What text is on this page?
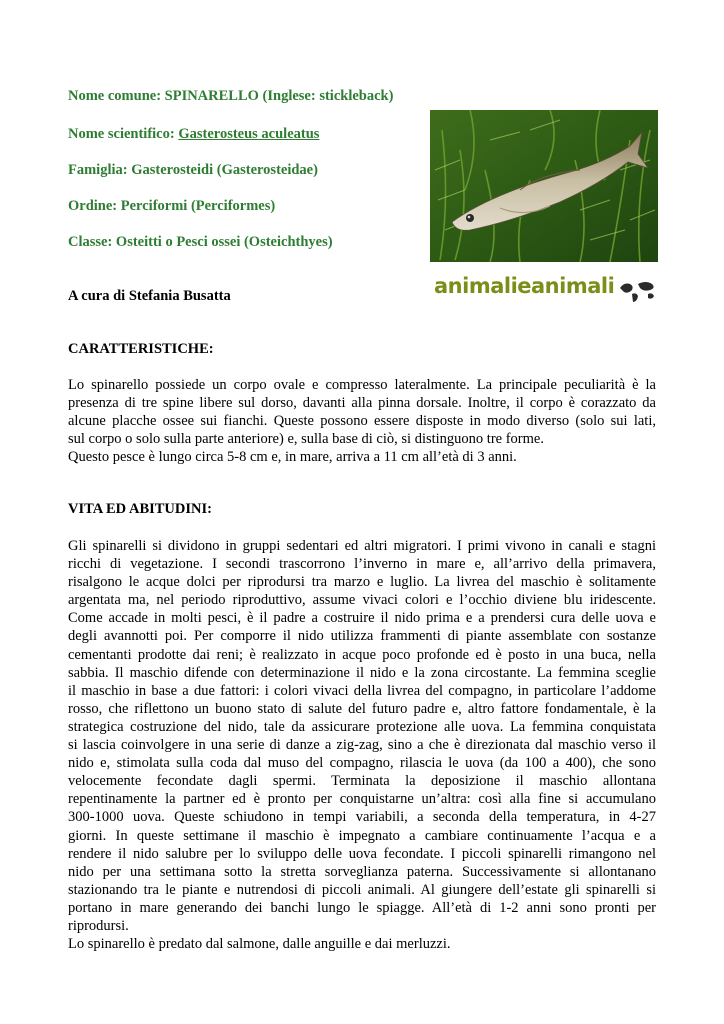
Nome comune: SPINARELLO (Inglese: stickleback)
Nome scientifico: Gasterosteus aculeatus
Famiglia: Gasterosteidi (Gasterosteidae)
Ordine: Perciformi (Perciformes)
Classe: Osteitti o Pesci ossei (Osteichthyes)
A cura di Stefania Busatta	animalieanimali
CARATTERISTICHE:
Lo spinarello possiede un corpo ovale e compresso lateralmente. La principale peculiarità è la
presenza di tre spine libere sul dorso, davanti alla pinna dorsale. Inoltre, il corpo è corazzato da
alcune placche ossee sui fianchi. Queste possono essere disposte in modo diverso (solo sui lati,
sul corpo o solo sulla parte anteriore) e, sulla base di ciò, si distinguono tre forme.
Questo pesce è lungo circa 5-8 cm e, in mare, arriva a 11 cm all’età di 3 anni.
VITA ED ABITUDINI:
Gli spinarelli si dividono in gruppi sedentari ed altri migratori. I primi vivono in canali e stagni
ricchi di vegetazione. I secondi trascorrono l’inverno in mare e, all’arrivo della primavera,
risalgono le acque dolci per riprodursi tra marzo e luglio. La livrea del maschio è solitamente
argentata ma, nel periodo riproduttivo, assume vivaci colori e l’occhio diviene blu iridescente.
Come accade in molti pesci, è il padre a costruire il nido prima e a prendersi cura delle uova e
degli avannotti poi. Per comporre il nido utilizza frammenti di piante assemblate con sostanze
cementanti prodotte dai reni; è realizzato in acque poco profonde ed è posto in una buca, nella
sabbia. Il maschio difende con determinazione il nido e la zona circostante. La femmina sceglie
il maschio in base a due fattori: i colori vivaci della livrea del compagno, in particolare l’addome
rosso, che riflettono un buono stato di salute del futuro padre e, altro fattore fondamentale, è la
strategica costruzione del nido, tale da assicurare protezione alle uova. La femmina conquistata
si lascia coinvolgere in una serie di danze a zig-zag, sino a che è direzionata dal maschio verso il
nido e, stimolata sulla coda dal muso del compagno, rilascia le uova (da 100 a 400), che sono
velocemente fecondate dagli spermi. Terminata la deposizione il maschio allontana
repentinamente la partner ed è pronto per conquistarne un’altra: così alla fine si accumulano
300-1000 uova. Queste schiudono in tempi variabili, a seconda della temperatura, in 4-27
giorni. In queste settimane il maschio è impegnato a cambiare continuamente l’acqua e a
rendere il nido salubre per lo sviluppo delle uova fecondate. I piccoli spinarelli rimangono nel
nido per una settimana sotto la stretta sorveglianza paterna. Successivamente si allontanano
stazionando tra le piante e nutrendosi di piccoli animali. Al giungere dell’estate gli spinarelli si
portano in mare generando dei banchi lungo le spiagge. All’età di 1-2 anni sono pronti per
riprodursi.
Lo spinarello è predato dal salmone, dalle anguille e dai merluzzi.
